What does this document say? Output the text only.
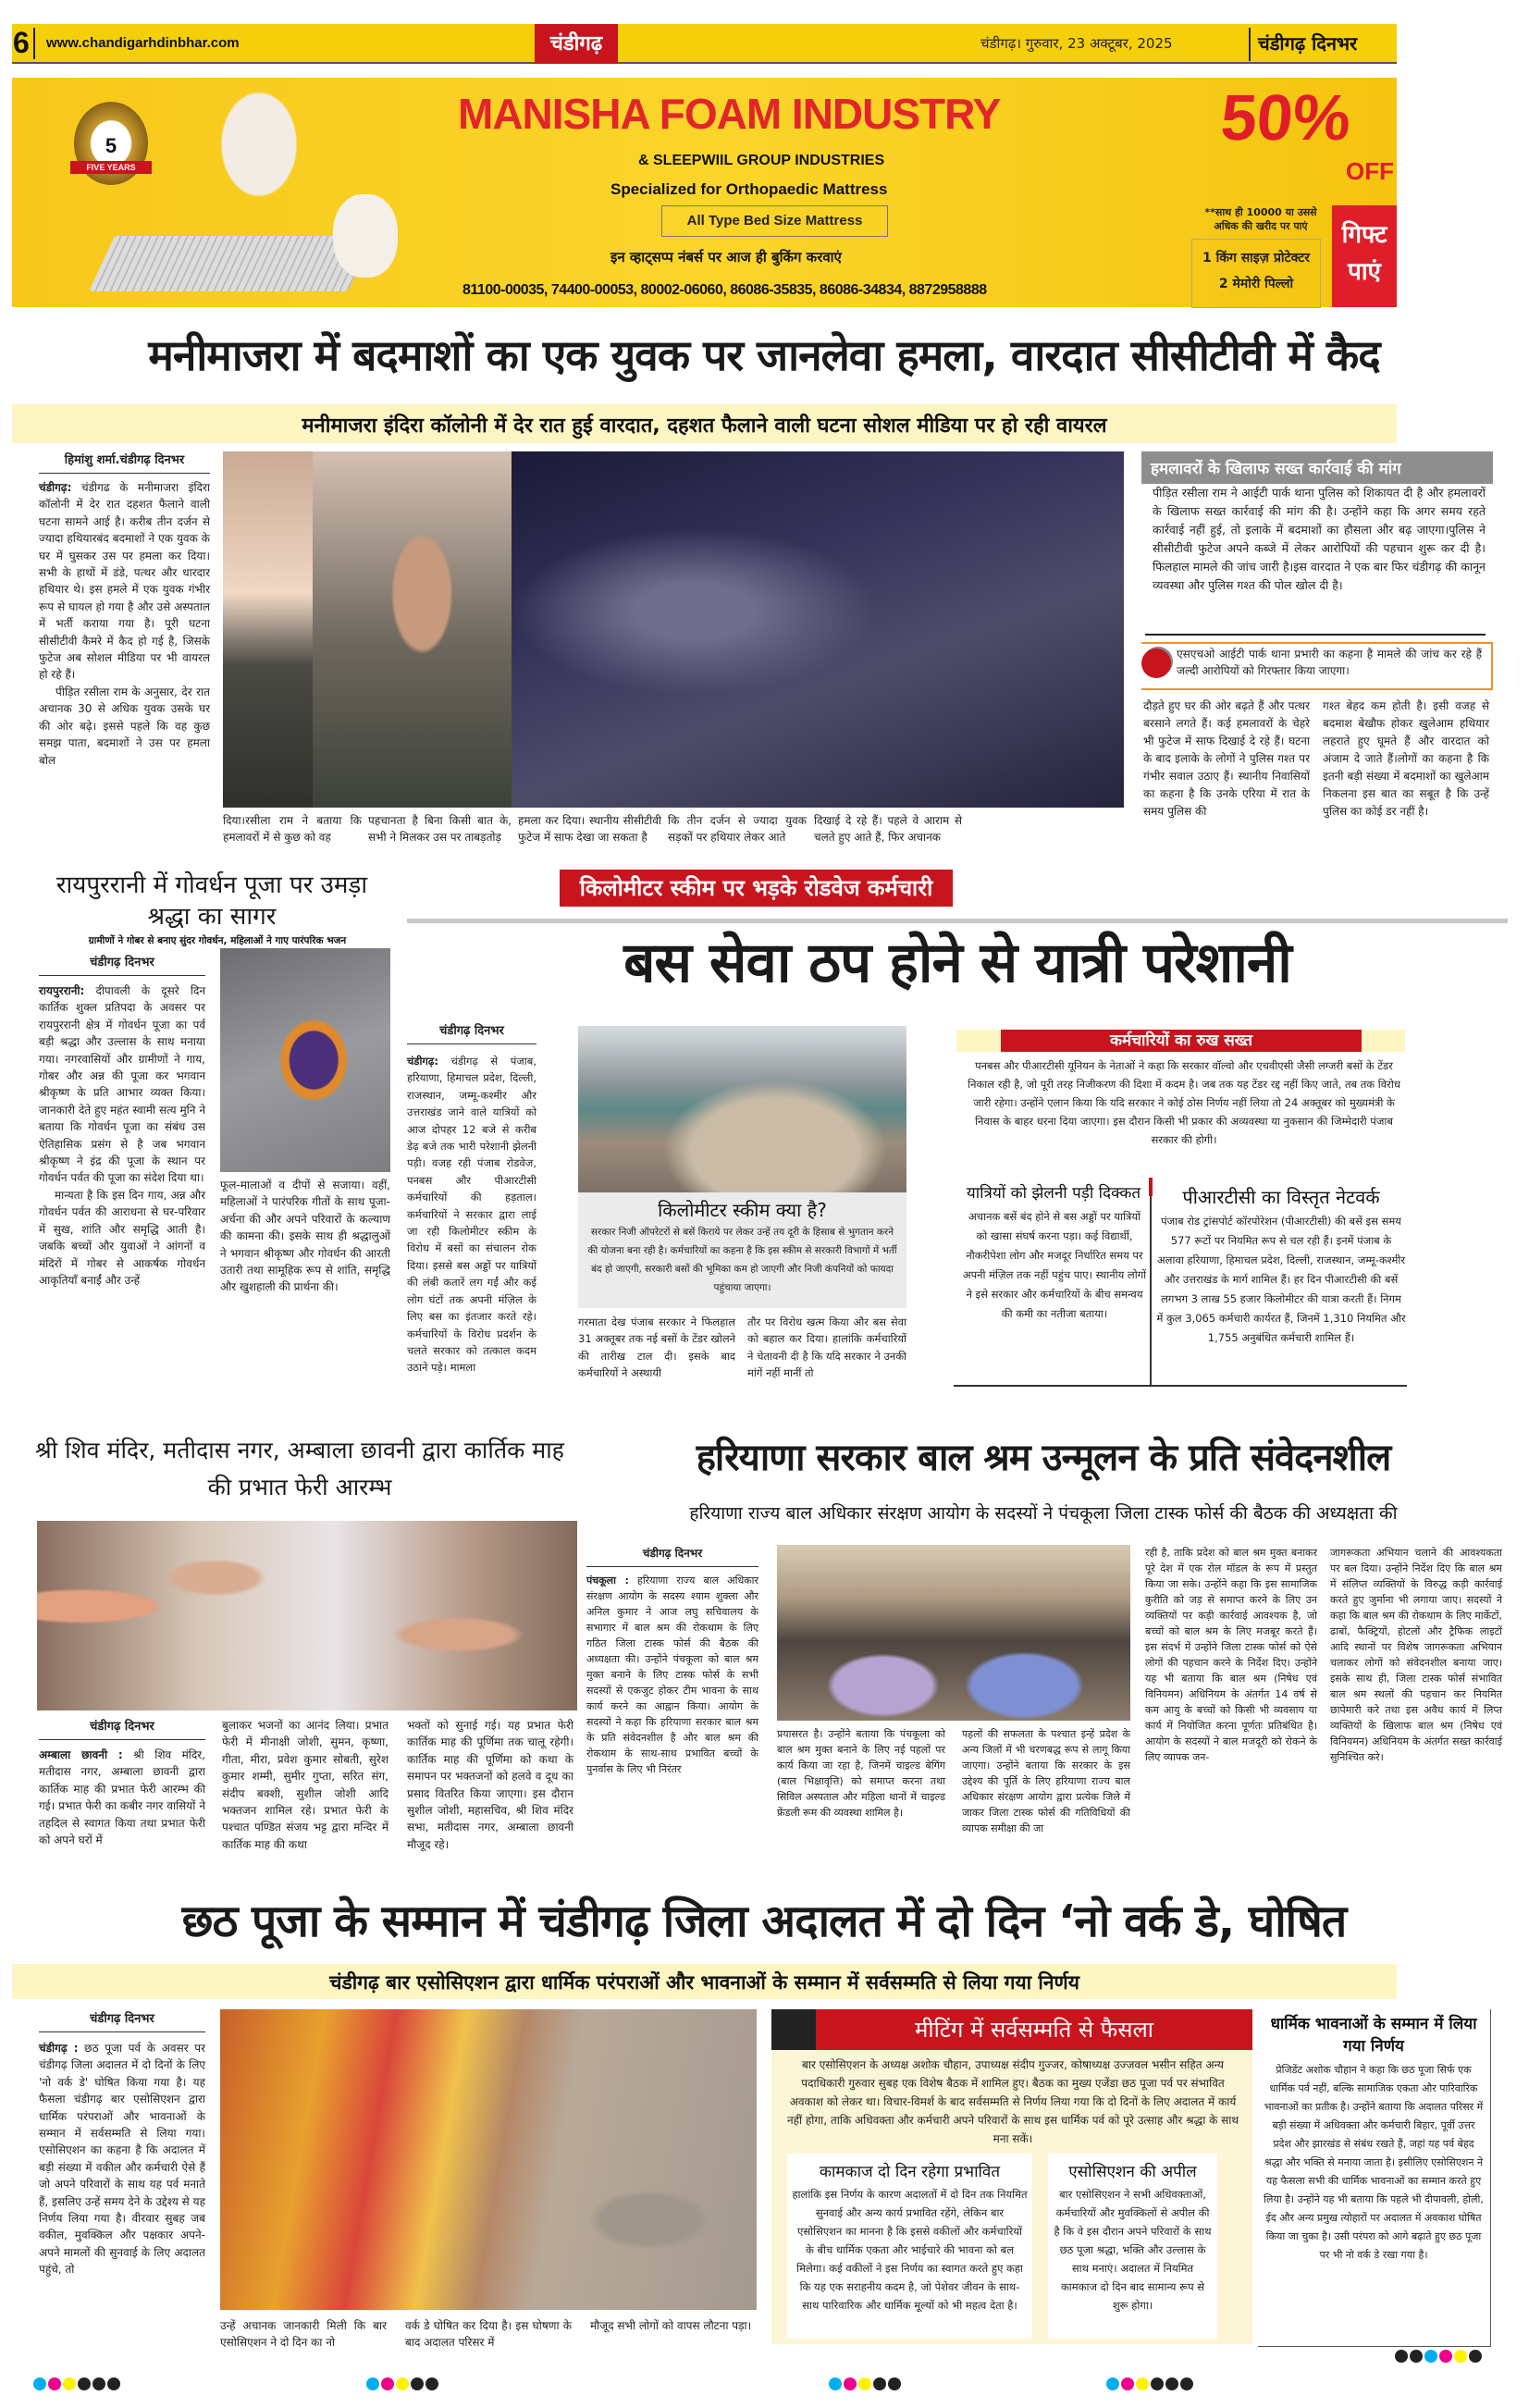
6 www.chandigarhdinbhar.com	चंडीगढ़	चंडीगढ़। गुरुवार, 23 अक्टूबर, 2025	चंडीगढ़ दिनभर
5
FIVE YEARS
MANISHA FOAM INDUSTRY
& SLEEPWIIL GROUP INDUSTRIES
Specialized for Orthopaedic Mattress
All Type Bed Size Mattress
इन व्हाट्सप्प नंबर्स पर आज ही बुकिंग करवाएं
81100-00035, 74400-00053, 80002-06060, 86086-35835, 86086-34834, 8872958888
50%
OFF
**साथ ही 10000 या उससे अधिक की खरीद पर पाएं
1 किंग साइज़ प्रोटेक्टर
2 मेमोरी पिल्लो
गिफ्ट पाएं
मनीमाजरा में बदमाशों का एक युवक पर जानलेवा हमला, वारदात सीसीटीवी में कैद
मनीमाजरा इंदिरा कॉलोनी में देर रात हुई वारदात, दहशत फैलाने वाली घटना सोशल मीडिया पर हो रही वायरल
हिमांशु शर्मा.चंडीगढ़ दिनभर
चंडीगढ़: चंडीगढ के मनीमाजरा इंदिरा कॉलोनी में देर रात दहशत फैलाने वाली घटना सामने आई है। करीब तीन दर्जन से ज्यादा हथियारबंद बदमाशों ने एक युवक के घर में घुसकर उस पर हमला कर दिया। सभी के हाथों में डंडे, पत्थर और धारदार हथियार थे। इस हमले में एक युवक गंभीर रूप से घायल हो गया है और उसे अस्पताल में भर्ती कराया गया है। पूरी घटना सीसीटीवी कैमरे में कैद हो गई है, जिसके फुटेज अब सोशल मीडिया पर भी वायरल हो रहे हैं।
पीड़ित रसीला राम के अनुसार, देर रात अचानक 30 से अधिक युवक उसके घर की ओर बढ़े। इससे पहले कि वह कुछ समझ पाता, बदमाशों ने उस पर हमला बोल
दिया।रसीला राम ने बताया कि हमलावरों में से कुछ को वह
पहचानता है बिना किसी बात के, सभी ने मिलकर उस पर ताबड़तोड़
हमला कर दिया। स्थानीय सीसीटीवी फुटेज में साफ देखा जा सकता है
कि तीन दर्जन से ज्यादा युवक सड़कों पर हथियार लेकर आते
दिखाई दे रहे हैं। पहले वे आराम से चलते हुए आते हैं, फिर अचानक
हमलावरों के खिलाफ सख्त कार्रवाई की मांग
पीड़ित रसीला राम ने आईटी पार्क थाना पुलिस को शिकायत दी है और हमलावरों के खिलाफ सख्त कार्रवाई की मांग की है। उन्होंने कहा कि अगर समय रहते कार्रवाई नहीं हुई, तो इलाके में बदमाशों का हौसला और बढ़ जाएगा।पुलिस ने सीसीटीवी फुटेज अपने कब्जे में लेकर आरोपियों की पहचान शुरू कर दी है। फिलहाल मामले की जांच जारी है।इस वारदात ने एक बार फिर चंडीगढ़ की कानून व्यवस्था और पुलिस गश्त की पोल खोल दी है।
एसएचओ आईटी पार्क थाना प्रभारी का कहना है मामले की जांच कर रहे हैं जल्दी आरोपियों को गिरफ्तार किया जाएगा।
दौड़ते हुए घर की ओर बढ़ते हैं और पत्थर बरसाने लगते हैं। कई हमलावरों के चेहरे भी फुटेज में साफ दिखाई दे रहे हैं। घटना के बाद इलाके के लोगों ने पुलिस गश्त पर गंभीर सवाल उठाए हैं। स्थानीय निवासियों का कहना है कि उनके एरिया में रात के समय पुलिस की
गश्त बेहद कम होती है। इसी वजह से बदमाश बेखौफ होकर खुलेआम हथियार लहराते हुए घूमते हैं और वारदात को अंजाम दे जाते हैं।लोगों का कहना है कि इतनी बड़ी संख्या में बदमाशों का खुलेआम निकलना इस बात का सबूत है कि उन्हें पुलिस का कोई डर नहीं है।
रायपुररानी में गोवर्धन पूजा पर उमड़ा श्रद्धा का सागर
ग्रामीणों ने गोबर से बनाए सुंदर गोवर्धन, महिलाओं ने गाए पारंपरिक भजन
चंडीगढ़ दिनभर
रायपुररानी: दीपावली के दूसरे दिन कार्तिक शुक्ल प्रतिपदा के अवसर पर रायपुररानी क्षेत्र में गोवर्धन पूजा का पर्व बड़ी श्रद्धा और उल्लास के साथ मनाया गया। नगरवासियों और ग्रामीणों ने गाय, गोबर और अन्न की पूजा कर भगवान श्रीकृष्ण के प्रति आभार व्यक्त किया। जानकारी देते हुए महंत स्वामी सत्य मुनि ने बताया कि गोवर्धन पूजा का संबंध उस ऐतिहासिक प्रसंग से है जब भगवान श्रीकृष्ण ने इंद्र की पूजा के स्थान पर गोवर्धन पर्वत की पूजा का संदेश दिया था।
मान्यता है कि इस दिन गाय, अन्न और गोवर्धन पर्वत की आराधना से घर-परिवार में सुख, शांति और समृद्धि आती है। जबकि बच्चों और युवाओं ने आंगनों व मंदिरों में गोबर से आकर्षक गोवर्धन आकृतियाँ बनाईं और उन्हें
फूल-मालाओं व दीपों से सजाया। वहीं, महिलाओं ने पारंपरिक गीतों के साथ पूजा-अर्चना की और अपने परिवारों के कल्याण की कामना की। इसके साथ ही श्रद्धालुओं ने भगवान श्रीकृष्ण और गोवर्धन की आरती उतारी तथा सामूहिक रूप से शांति, समृद्धि और खुशहाली की प्रार्थना की।
किलोमीटर स्कीम पर भड़के रोडवेज कर्मचारी
बस सेवा ठप होने से यात्री परेशानी
चंडीगढ़ दिनभर
चंडीगढ़: चंडीगढ़ से पंजाब, हरियाणा, हिमाचल प्रदेश, दिल्ली, राजस्थान, जम्मू-कश्मीर और उत्तराखंड जाने वाले यात्रियों को आज दोपहर 12 बजे से करीब डेढ़ बजे तक भारी परेशानी झेलनी पड़ी। वजह रही पंजाब रोडवेज, पनबस और पीआरटीसी कर्मचारियों की हड़ताल। कर्मचारियों ने सरकार द्वारा लाई जा रही किलोमीटर स्कीम के विरोध में बसों का संचालन रोक दिया। इससे बस अड्डों पर यात्रियों की लंबी कतारें लग गईं और कई लोग घंटों तक अपनी मंज़िल के लिए बस का इंतजार करते रहे। कर्मचारियों के विरोध प्रदर्शन के चलते सरकार को तत्काल कदम उठाने पड़े। मामला
किलोमीटर स्कीम क्या है?
सरकार निजी ऑपरेटरों से बसें किराये पर लेकर उन्हें तय दूरी के हिसाब से भुगतान करने की योजना बना रही है। कर्मचारियों का कहना है कि इस स्कीम से सरकारी विभागों में भर्ती बंद हो जाएगी, सरकारी बसों की भूमिका कम हो जाएगी और निजी कंपनियों को फायदा पहुंचाया जाएगा।
गरमाता देख पंजाब सरकार ने फिलहाल 31 अक्तूबर तक नई बसों के टेंडर खोलने की तारीख टाल दी। इसके बाद कर्मचारियों ने अस्थायी
तौर पर विरोध खत्म किया और बस सेवा को बहाल कर दिया। हालांकि कर्मचारियों ने चेतावनी दी है कि यदि सरकार ने उनकी मांगें नहीं मानीं तो
कर्मचारियों का रुख सख्त
पनबस और पीआरटीसी यूनियन के नेताओं ने कहा कि सरकार वॉल्वो और एचवीएसी जैसी लग्जरी बसों के टेंडर निकाल रही है, जो पूरी तरह निजीकरण की दिशा में कदम है। जब तक यह टेंडर रद्द नहीं किए जाते, तब तक विरोध जारी रहेगा। उन्होंने एलान किया कि यदि सरकार ने कोई ठोस निर्णय नहीं लिया तो 24 अक्तूबर को मुख्यमंत्री के निवास के बाहर धरना दिया जाएगा। इस दौरान किसी भी प्रकार की अव्यवस्था या नुकसान की जिम्मेदारी पंजाब सरकार की होगी।
यात्रियों को झेलनी पड़ी दिक्कत
अचानक बसें बंद होने से बस अड्डों पर यात्रियों को खासा संघर्ष करना पड़ा। कई विद्यार्थी, नौकरीपेशा लोग और मजदूर निर्धारित समय पर अपनी मंज़िल तक नहीं पहुंच पाए। स्थानीय लोगों ने इसे सरकार और कर्मचारियों के बीच समन्वय की कमी का नतीजा बताया।
पीआरटीसी का विस्तृत नेटवर्क
पंजाब रोड ट्रांसपोर्ट कॉरपोरेशन (पीआरटीसी) की बसें इस समय 577 रूटों पर नियमित रूप से चल रही हैं। इनमें पंजाब के अलावा हरियाणा, हिमाचल प्रदेश, दिल्ली, राजस्थान, जम्मू-कश्मीर और उत्तराखंड के मार्ग शामिल हैं। हर दिन पीआरटीसी की बसें लगभग 3 लाख 55 हजार किलोमीटर की यात्रा करती हैं। निगम में कुल 3,065 कर्मचारी कार्यरत हैं, जिनमें 1,310 नियमित और 1,755 अनुबंधित कर्मचारी शामिल हैं।
श्री शिव मंदिर, मतीदास नगर, अम्बाला छावनी द्वारा कार्तिक माह की प्रभात फेरी आरम्भ
चंडीगढ़ दिनभर
अम्बाला छावनी : श्री शिव मंदिर, मतीदास नगर, अम्बाला छावनी द्वारा कार्तिक माह की प्रभात फेरी आरम्भ की गई। प्रभात फेरी का कबीर नगर वासियों ने तहदिल से स्वागत किया तथा प्रभात फेरी को अपने घरों में
बुलाकर भजनों का आनंद लिया। प्रभात फेरी में मीनाक्षी जोशी, सुमन, कृष्णा, गीता, मीरा, प्रवेश कुमार सोबती, सुरेश कुमार शम्मी, सुमीर गुप्ता, सरित संग, संदीप बक्शी, सुशील जोशी आदि भक्तजन शामिल रहे। प्रभात फेरी के पश्चात पण्डित संजय भट्ट द्वारा मन्दिर में कार्तिक माह की कथा
भक्तों को सुनाई गई। यह प्रभात फेरी कार्तिक माह की पूर्णिमा तक चालू रहेगी। कार्तिक माह की पूर्णिमा को कथा के समापन पर भक्तजनों को हलवे व दूध का प्रसाद वितरित किया जाएगा। इस दौरान सुशील जोशी, महासचिव, श्री शिव मंदिर सभा, मतीदास नगर, अम्बाला छावनी मौजूद रहे।
हरियाणा सरकार बाल श्रम उन्मूलन के प्रति संवेदनशील
हरियाणा राज्य बाल अधिकार संरक्षण आयोग के सदस्यों ने पंचकूला जिला टास्क फोर्स की बैठक की अध्यक्षता की
चंडीगढ़ दिनभर
पंचकूला : हरियाणा राज्य बाल अधिकार संरक्षण आयोग के सदस्य श्याम शुक्ला और अनिल कुमार ने आज लघु सचिवालय के सभागार में बाल श्रम की रोकथाम के लिए गठित जिला टास्क फोर्स की बैठक की अध्यक्षता की। उन्होंने पंचकूला को बाल श्रम मुक्त बनाने के लिए टास्क फोर्स के सभी सदस्यों से एकजुट होकर टीम भावना के साथ कार्य करने का आह्वान किया। आयोग के सदस्यों ने कहा कि हरियाणा सरकार बाल श्रम के प्रति संवेदनशील है और बाल श्रम की रोकथाम के साथ-साथ प्रभावित बच्चों के पुनर्वास के लिए भी निरंतर
प्रयासरत है। उन्होंने बताया कि पंचकूला को बाल श्रम मुक्त बनाने के लिए नई पहलों पर कार्य किया जा रहा है, जिनमें चाइल्ड बेगिंग (बाल भिक्षावृत्ति) को समाप्त करना तथा सिविल अस्पताल और महिला थानों में चाइल्ड फ्रेंडली रूम की व्यवस्था शामिल है।
पहलों की सफलता के पश्चात इन्हें प्रदेश के अन्य जिलों में भी चरणबद्ध रूप से लागू किया जाएगा। उन्होंने बताया कि सरकार के इस उद्देश्य की पूर्ति के लिए हरियाणा राज्य बाल अधिकार संरक्षण आयोग द्वारा प्रत्येक जिले में जाकर जिला टास्क फोर्स की गतिविधियों की व्यापक समीक्षा की जा
रही है, ताकि प्रदेश को बाल श्रम मुक्त बनाकर पूरे देश में एक रोल मॉडल के रूप में प्रस्तुत किया जा सके। उन्होंने कहा कि इस सामाजिक कुरीति को जड़ से समाप्त करने के लिए उन व्यक्तियों पर कड़ी कार्रवाई आवश्यक है, जो बच्चों को बाल श्रम के लिए मजबूर करते हैं। इस संदर्भ में उन्होंने जिला टास्क फोर्स को ऐसे लोगों की पहचान करने के निर्देश दिए। उन्होंने यह भी बताया कि बाल श्रम (निषेध एवं विनियमन) अधिनियम के अंतर्गत 14 वर्ष से कम आयु के बच्चों को किसी भी व्यवसाय या कार्य में नियोजित करना पूर्णतः प्रतिबंधित है। आयोग के सदस्यों ने बाल मजदूरी को रोकने के लिए व्यापक जन-
जागरूकता अभियान चलाने की आवश्यकता पर बल दिया। उन्होंने निर्देश दिए कि बाल श्रम में संलिप्त व्यक्तियों के विरुद्ध कड़ी कार्रवाई करते हुए जुर्माना भी लगाया जाए। सदस्यों ने कहा कि बाल श्रम की रोकथाम के लिए मार्केटों, ढाबों, फैक्ट्रियों, होटलों और ट्रैफिक लाइटों आदि स्थानों पर विशेष जागरूकता अभियान चलाकर लोगों को संवेदनशील बनाया जाए। इसके साथ ही, जिला टास्क फोर्स संभावित बाल श्रम स्थलों की पहचान कर नियमित छापेमारी करे तथा इस अवैध कार्य में लिप्त व्यक्तियों के खिलाफ बाल श्रम (निषेध एवं विनियमन) अधिनियम के अंतर्गत सख्त कार्रवाई सुनिश्चित करे।
छठ पूजा के सम्मान में चंडीगढ़ जिला अदालत में दो दिन ‘नो वर्क डे, घोषित
चंडीगढ़ बार एसोसिएशन द्वारा धार्मिक परंपराओं और भावनाओं के सम्मान में सर्वसम्मति से लिया गया निर्णय
चंडीगढ़ दिनभर
चंडीगढ़ : छठ पूजा पर्व के अवसर पर चंडीगढ़ जिला अदालत में दो दिनों के लिए 'नो वर्क डे' घोषित किया गया है। यह फैसला चंडीगढ़ बार एसोसिएशन द्वारा धार्मिक परंपराओं और भावनाओं के सम्मान में सर्वसम्मति से लिया गया। एसोसिएशन का कहना है कि अदालत में बड़ी संख्या में वकील और कर्मचारी ऐसे हैं जो अपने परिवारों के साथ यह पर्व मनाते हैं, इसलिए उन्हें समय देने के उद्देश्य से यह निर्णय लिया गया है। वीरवार सुबह जब वकील, मुवक्किल और पक्षकार अपने-अपने मामलों की सुनवाई के लिए अदालत पहुंचे, तो
उन्हें अचानक जानकारी मिली कि बार एसोसिएशन ने दो दिन का नो
वर्क डे घोषित कर दिया है। इस घोषणा के बाद अदालत परिसर में
मौजूद सभी लोगों को वापस लौटना पड़ा।
मीटिंग में सर्वसम्मति से फैसला
बार एसोसिएशन के अध्यक्ष अशोक चौहान, उपाध्यक्ष संदीप गुज्जर, कोषाध्यक्ष उज्जवल भसीन सहित अन्य पदाधिकारी गुरुवार सुबह एक विशेष बैठक में शामिल हुए। बैठक का मुख्य एजेंडा छठ पूजा पर्व पर संभावित अवकाश को लेकर था। विचार-विमर्श के बाद सर्वसम्मति से निर्णय लिया गया कि दो दिनों के लिए अदालत में कार्य नहीं होगा, ताकि अधिवक्ता और कर्मचारी अपने परिवारों के साथ इस धार्मिक पर्व को पूरे उत्साह और श्रद्धा के साथ मना सकें।
कामकाज दो दिन रहेगा प्रभावित
हालांकि इस निर्णय के कारण अदालतों में दो दिन तक नियमित सुनवाई और अन्य कार्य प्रभावित रहेंगे, लेकिन बार एसोसिएशन का मानना है कि इससे वकीलों और कर्मचारियों के बीच धार्मिक एकता और भाईचारे की भावना को बल मिलेगा। कई वकीलों ने इस निर्णय का स्वागत करते हुए कहा कि यह एक सराहनीय कदम है, जो पेशेवर जीवन के साथ-साथ पारिवारिक और धार्मिक मूल्यों को भी महत्व देता है।
एसोसिएशन की अपील
बार एसोसिएशन ने सभी अधिवक्ताओं, कर्मचारियों और मुवक्किलों से अपील की है कि वे इस दौरान अपने परिवारों के साथ छठ पूजा श्रद्धा, भक्ति और उल्लास के साथ मनाएं। अदालत में नियमित कामकाज दो दिन बाद सामान्य रूप से शुरू होगा।
धार्मिक भावनाओं के सम्मान में लिया गया निर्णय
प्रेजिडेंट अशोक चौहान ने कहा कि छठ पूजा सिर्फ एक धार्मिक पर्व नहीं, बल्कि सामाजिक एकता और पारिवारिक भावनाओं का प्रतीक है। उन्होंने बताया कि अदालत परिसर में बड़ी संख्या में अधिवक्ता और कर्मचारी बिहार, पूर्वी उत्तर प्रदेश और झारखंड से संबंध रखते हैं, जहां यह पर्व बेहद श्रद्धा और भक्ति से मनाया जाता है। इसीलिए एसोसिएशन ने यह फैसला सभी की धार्मिक भावनाओं का सम्मान करते हुए लिया है। उन्होंने यह भी बताया कि पहले भी दीपावली, होली, ईद और अन्य प्रमुख त्योहारों पर अदालत में अवकाश घोषित किया जा चुका है। उसी परंपरा को आगे बढ़ाते हुए छठ पूजा पर भी नो वर्क डे रखा गया है।
